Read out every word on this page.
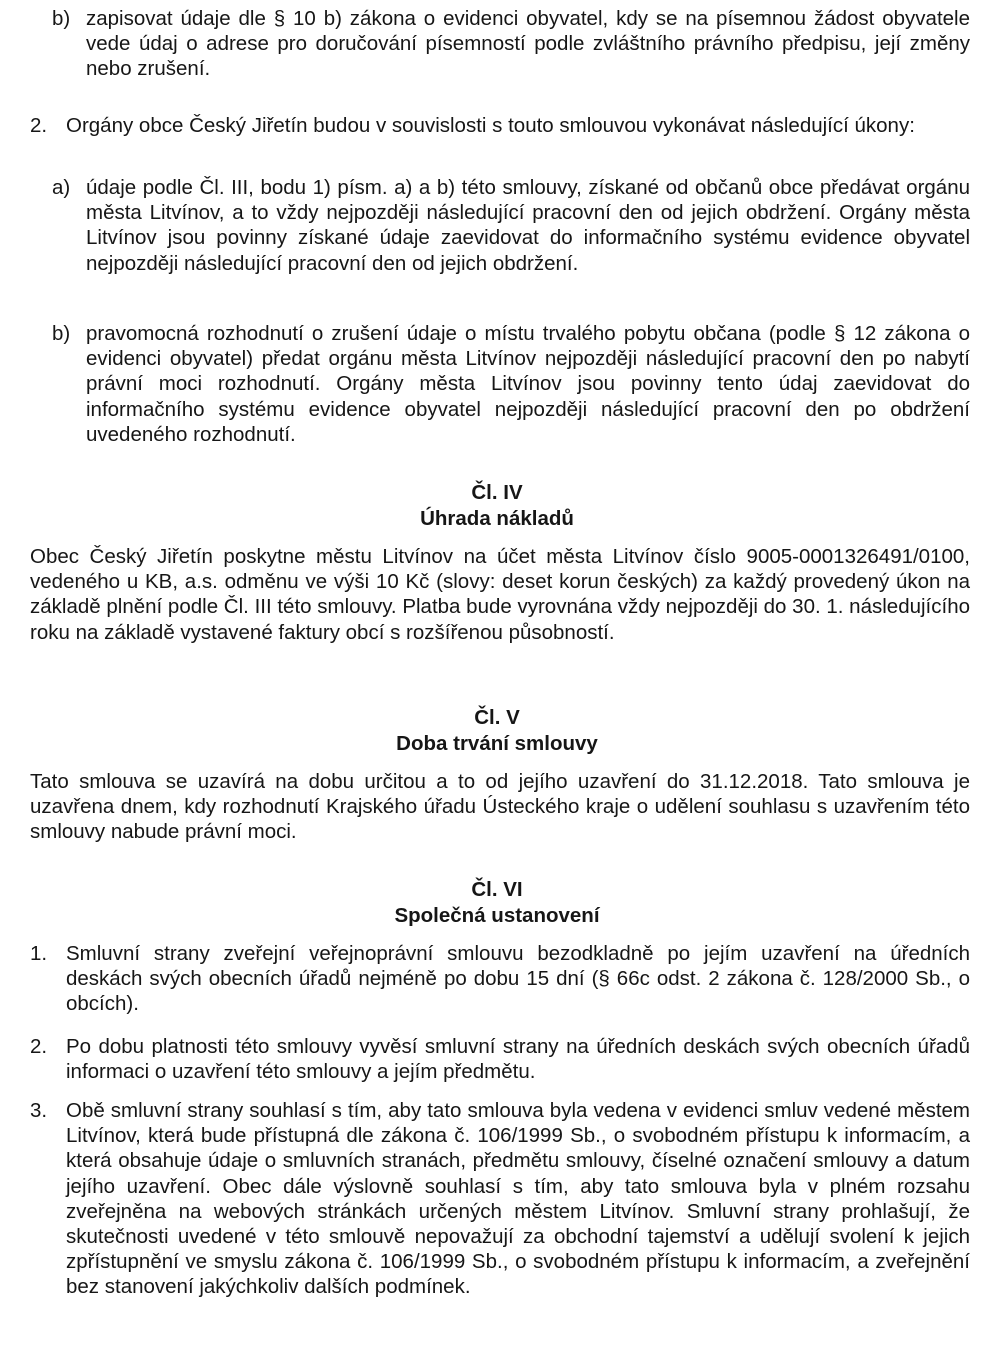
b) zapisovat údaje dle § 10 b) zákona o evidenci obyvatel, kdy se na písemnou žádost obyvatele vede údaj o adrese pro doručování písemností podle zvláštního právního předpisu, její změny nebo zrušení.

2. Orgány obce Český Jiřetín budou v souvislosti s touto smlouvou vykonávat následující úkony:

a) údaje podle Čl. III, bodu 1) písm. a) a b) této smlouvy, získané od občanů obce předávat orgánu města Litvínov, a to vždy nejpozději následující pracovní den od jejich obdržení. Orgány města Litvínov jsou povinny získané údaje zaevidovat do informačního systému evidence obyvatel nejpozději následující pracovní den od jejich obdržení.

b) pravomocná rozhodnutí o zrušení údaje o místu trvalého pobytu občana (podle § 12 zákona o evidenci obyvatel) předat orgánu města Litvínov nejpozději následující pracovní den po nabytí právní moci rozhodnutí. Orgány města Litvínov jsou povinny tento údaj zaevidovat do informačního systému evidence obyvatel nejpozději následující pracovní den po obdržení uvedeného rozhodnutí.

Čl. IV

Úhrada nákladů

Obec Český Jiřetín poskytne městu Litvínov na účet města Litvínov číslo 9005-0001326491/0100, vedeného u KB, a.s. odměnu ve výši 10 Kč (slovy: deset korun českých) za každý provedený úkon na základě plnění podle Čl. III této smlouvy. Platba bude vyrovnána vždy nejpozději do 30. 1. následujícího roku na základě vystavené faktury obcí s rozšířenou působností.

Čl. V

Doba trvání smlouvy

Tato smlouva se uzavírá na dobu určitou a to od jejího uzavření do 31.12.2018. Tato smlouva je uzavřena dnem, kdy rozhodnutí Krajského úřadu Ústeckého kraje o udělení souhlasu s uzavřením této smlouvy nabude právní moci.

Čl. VI

Společná ustanovení

1. Smluvní strany zveřejní veřejnoprávní smlouvu bezodkladně po jejím uzavření na úředních deskách svých obecních úřadů nejméně po dobu 15 dní (§ 66c odst. 2 zákona č. 128/2000 Sb., o obcích).

2. Po dobu platnosti této smlouvy vyvěsí smluvní strany na úředních deskách svých obecních úřadů informaci o uzavření této smlouvy a jejím předmětu.

3. Obě smluvní strany souhlasí s tím, aby tato smlouva byla vedena v evidenci smluv vedené městem Litvínov, která bude přístupná dle zákona č. 106/1999 Sb., o svobodném přístupu k informacím, a která obsahuje údaje o smluvních stranách, předmětu smlouvy, číselné označení smlouvy a datum jejího uzavření. Obec dále výslovně souhlasí s tím, aby tato smlouva byla v plném rozsahu zveřejněna na webových stránkách určených městem Litvínov. Smluvní strany prohlašují, že skutečnosti uvedené v této smlouvě nepovažují za obchodní tajemství a udělují svolení k jejich zpřístupnění ve smyslu zákona č. 106/1999 Sb., o svobodném přístupu k informacím, a zveřejnění bez stanovení jakýchkoliv dalších podmínek.
